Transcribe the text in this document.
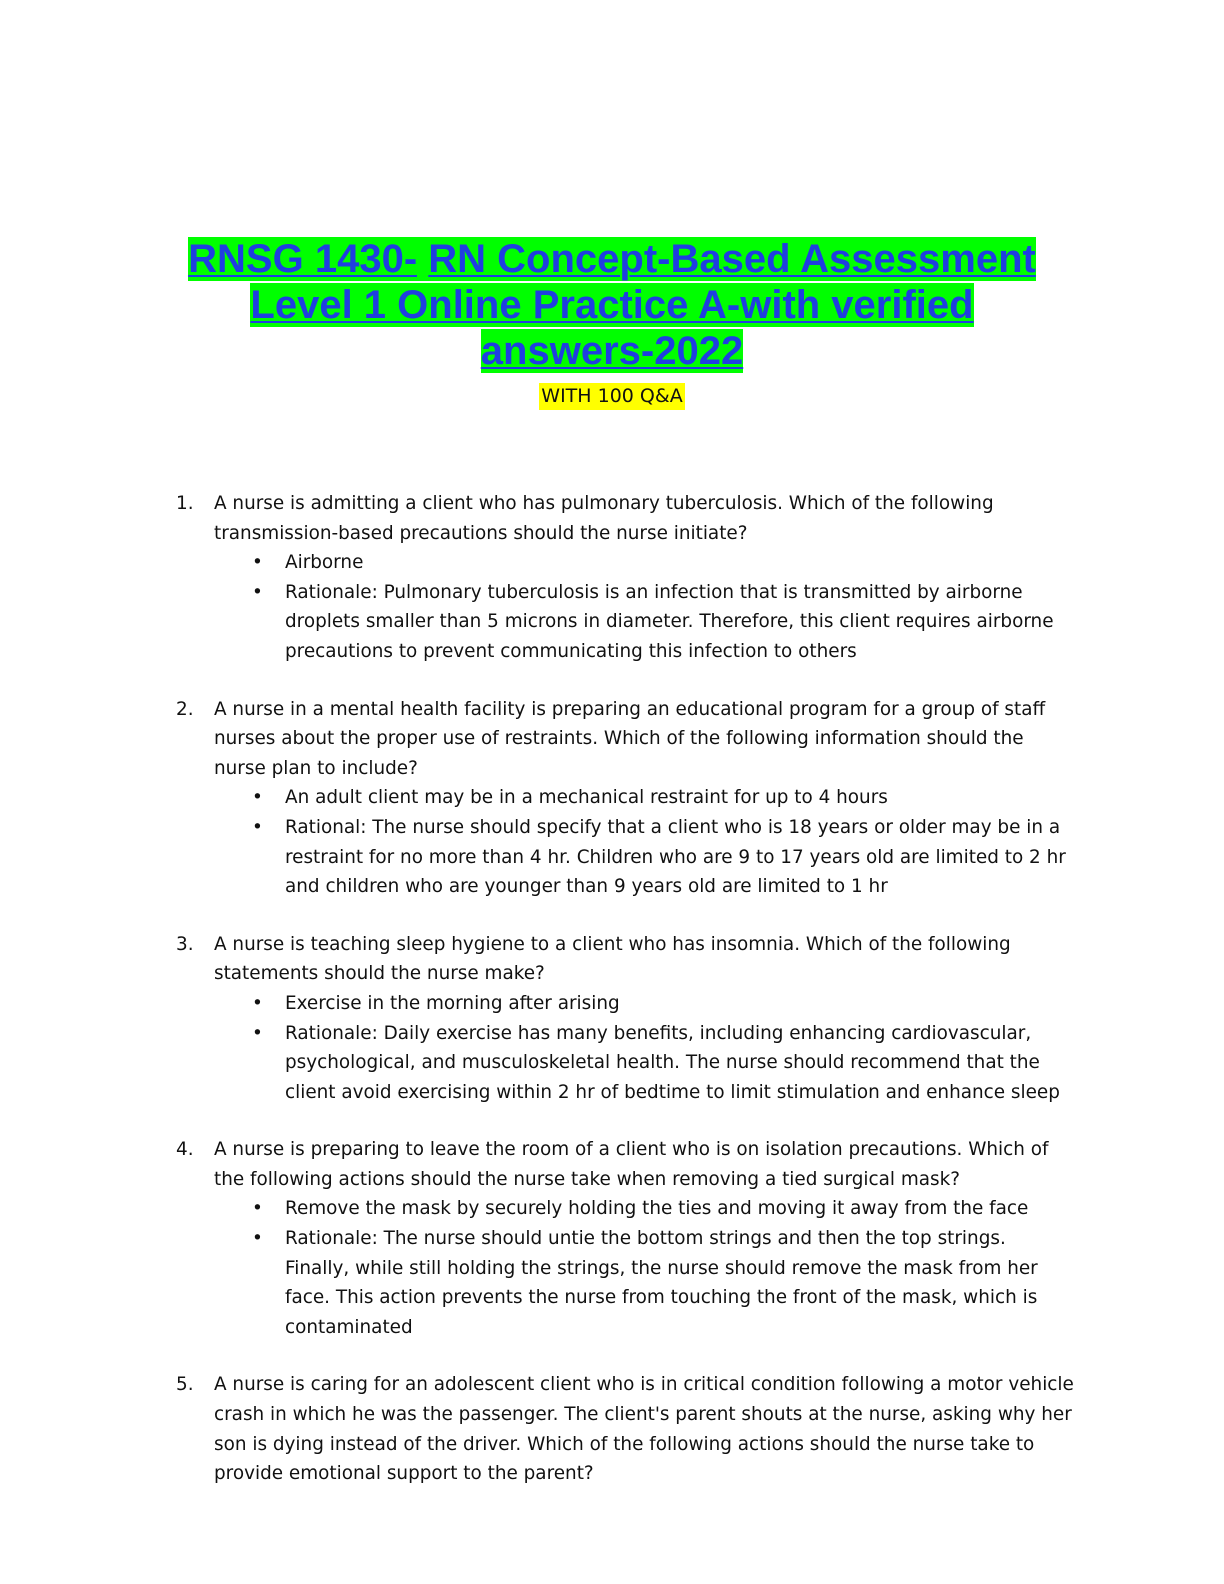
RNSG 1430- RN Concept-Based Assessment
Level 1 Online Practice A-with verified
answers-2022
WITH 100 Q&A
1. A nurse is admitting a client who has pulmonary tuberculosis. Which of the following transmission-based precautions should the nurse initiate?

• Airborne
• Rationale: Pulmonary tuberculosis is an infection that is transmitted by airborne droplets smaller than 5 microns in diameter. Therefore, this client requires airborne precautions to prevent communicating this infection to others
2. A nurse in a mental health facility is preparing an educational program for a group of staff nurses about the proper use of restraints. Which of the following information should the nurse plan to include?

• An adult client may be in a mechanical restraint for up to 4 hours
• Rational: The nurse should specify that a client who is 18 years or older may be in a restraint for no more than 4 hr. Children who are 9 to 17 years old are limited to 2 hr and children who are younger than 9 years old are limited to 1 hr
3. A nurse is teaching sleep hygiene to a client who has insomnia. Which of the following statements should the nurse make?

• Exercise in the morning after arising
• Rationale: Daily exercise has many benefits, including enhancing cardiovascular, psychological, and musculoskeletal health. The nurse should recommend that the client avoid exercising within 2 hr of bedtime to limit stimulation and enhance sleep
4. A nurse is preparing to leave the room of a client who is on isolation precautions. Which of the following actions should the nurse take when removing a tied surgical mask?

• Remove the mask by securely holding the ties and moving it away from the face
• Rationale: The nurse should untie the bottom strings and then the top strings. Finally, while still holding the strings, the nurse should remove the mask from her face. This action prevents the nurse from touching the front of the mask, which is contaminated
5. A nurse is caring for an adolescent client who is in critical condition following a motor vehicle crash in which he was the passenger. The client's parent shouts at the nurse, asking why her son is dying instead of the driver. Which of the following actions should the nurse take to provide emotional support to the parent?
